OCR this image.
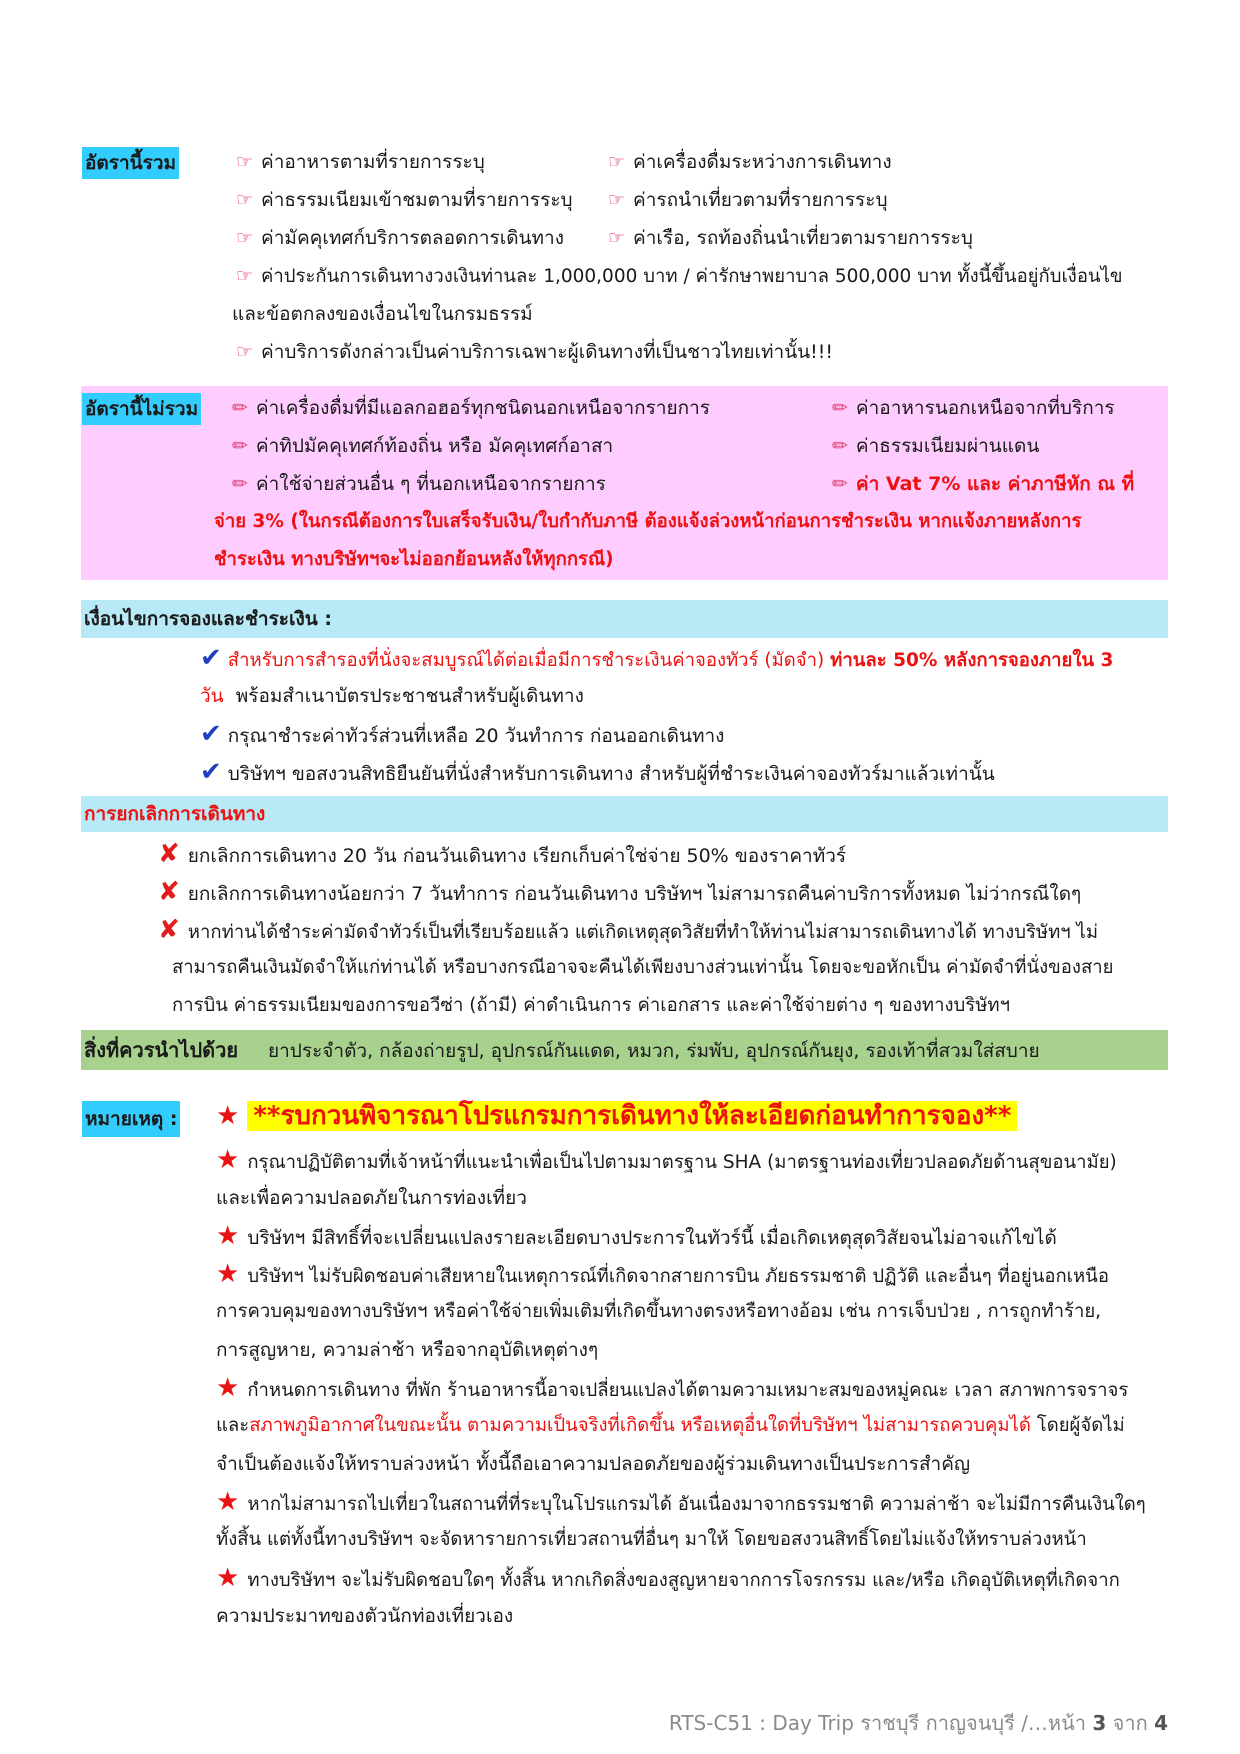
อัตรานี้รวม	☞ ค่าอาหารตามที่รายการระบุ
☞ ค่าธรรมเนียมเข้าชมตามที่รายการระบุ
☞ ค่ามัคคุเทศก์บริการตลอดการเดินทาง
☞ ค่าเครื่องดื่มระหว่างการเดินทาง
☞ ค่ารถนำเที่ยวตามที่รายการระบุ
☞ ค่าเรือ, รถท้องถิ่นนำเที่ยวตามรายการระบุ
☞ ค่าประกันการเดินทางวงเงินท่านละ 1,000,000 บาท / ค่ารักษาพยาบาล 500,000 บาท ทั้งนี้ขึ้นอยู่กับเงื่อนไข
และข้อตกลงของเงื่อนไขในกรมธรรม์
☞ ค่าบริการดังกล่าวเป็นค่าบริการเฉพาะผู้เดินทางที่เป็นชาวไทยเท่านั้น!!!
อัตรานี้ไม่รวม ✏ ค่าเครื่องดื่มที่มีแอลกอฮอร์ทุกชนิดนอกเหนือจากรายการ
✏ ค่าทิปมัคคุเทศก์ท้องถิ่น หรือ มัคคุเทศก์อาสา
✏ ค่าใช้จ่ายส่วนอื่น ๆ ที่นอกเหนือจากรายการ
✏ ค่าอาหารนอกเหนือจากที่บริการ
✏ ค่าธรรมเนียมผ่านแดน
✏ ค่า Vat 7% และ ค่าภาษีหัก ณ ที่
จ่าย 3% (ในกรณีต้องการใบเสร็จรับเงิน/ใบกำกับภาษี ต้องแจ้งล่วงหน้าก่อนการชำระเงิน หากแจ้งภายหลังการ
ชำระเงิน ทางบริษัทฯจะไม่ออกย้อนหลังให้ทุกกรณี)
เงื่อนไขการจองและชำระเงิน :
✔ สำหรับการสำรองที่นั่งจะสมบูรณ์ได้ต่อเมื่อมีการชำระเงินค่าจองทัวร์ (มัดจำ) ท่านละ 50% หลังการจองภายใน 3
วัน พร้อมสำเนาบัตรประชาชนสำหรับผู้เดินทาง
✔ กรุณาชำระค่าทัวร์ส่วนที่เหลือ 20 วันทำการ ก่อนออกเดินทาง
✔ บริษัทฯ ขอสงวนสิทธิยืนยันที่นั่งสำหรับการเดินทาง สำหรับผู้ที่ชำระเงินค่าจองทัวร์มาแล้วเท่านั้น
การยกเลิกการเดินทาง
✘ ยกเลิกการเดินทาง 20 วัน ก่อนวันเดินทาง เรียกเก็บค่าใช่จ่าย 50% ของราคาทัวร์
✘ ยกเลิกการเดินทางน้อยกว่า 7 วันทำการ ก่อนวันเดินทาง บริษัทฯ ไม่สามารถคืนค่าบริการทั้งหมด ไม่ว่ากรณีใดๆ
✘ หากท่านได้ชำระค่ามัดจำทัวร์เป็นที่เรียบร้อยแล้ว แต่เกิดเหตุสุดวิสัยที่ทำให้ท่านไม่สามารถเดินทางได้ ทางบริษัทฯ ไม่
สามารถคืนเงินมัดจำให้แก่ท่านได้ หรือบางกรณีอาจจะคืนได้เพียงบางส่วนเท่านั้น โดยจะขอหักเป็น ค่ามัดจำที่นั่งของสาย
การบิน ค่าธรรมเนียมของการขอวีซ่า (ถ้ามี) ค่าดำเนินการ ค่าเอกสาร และค่าใช้จ่ายต่าง ๆ ของทางบริษัทฯ
สิ่งที่ควรนำไปด้วย ยาประจำตัว, กล้องถ่ายรูป, อุปกรณ์กันแดด, หมวก, ร่มพับ, อุปกรณ์กันยุง, รองเท้าที่สวมใส่สบาย
หมายเหตุ : ★ **รบกวนพิจารณาโปรแกรมการเดินทางให้ละเอียดก่อนทำการจอง**
★ กรุณาปฏิบัติตามที่เจ้าหน้าที่แนะนำเพื่อเป็นไปตามมาตรฐาน SHA (มาตรฐานท่องเที่ยวปลอดภัยด้านสุขอนามัย)
และเพื่อความปลอดภัยในการท่องเที่ยว
★ บริษัทฯ มีสิทธิ์ที่จะเปลี่ยนแปลงรายละเอียดบางประการในทัวร์นี้ เมื่อเกิดเหตุสุดวิสัยจนไม่อาจแก้ไขได้
★ บริษัทฯ ไม่รับผิดชอบค่าเสียหายในเหตุการณ์ที่เกิดจากสายการบิน ภัยธรรมชาติ ปฏิวัติ และอื่นๆ ที่อยู่นอกเหนือ
การควบคุมของทางบริษัทฯ หรือค่าใช้จ่ายเพิ่มเติมที่เกิดขึ้นทางตรงหรือทางอ้อม เช่น การเจ็บป่วย , การถูกทำร้าย,
การสูญหาย, ความล่าช้า หรือจากอุบัติเหตุต่างๆ
★ กำหนดการเดินทาง ที่พัก ร้านอาหารนี้อาจเปลี่ยนแปลงได้ตามความเหมาะสมของหมู่คณะ เวลา สภาพการจราจร
และสภาพภูมิอากาศในขณะนั้น ตามความเป็นจริงที่เกิดขึ้น หรือเหตุอื่นใดที่บริษัทฯ ไม่สามารถควบคุมได้ โดยผู้จัดไม่
จำเป็นต้องแจ้งให้ทราบล่วงหน้า ทั้งนี้ถือเอาความปลอดภัยของผู้ร่วมเดินทางเป็นประการสำคัญ
★ หากไม่สามารถไปเที่ยวในสถานที่ที่ระบุในโปรแกรมได้ อันเนื่องมาจากธรรมชาติ ความล่าช้า จะไม่มีการคืนเงินใดๆ
ทั้งสิ้น แต่ทั้งนี้ทางบริษัทฯ จะจัดหารายการเที่ยวสถานที่อื่นๆ มาให้ โดยขอสงวนสิทธิ์โดยไม่แจ้งให้ทราบล่วงหน้า
★ ทางบริษัทฯ จะไม่รับผิดชอบใดๆ ทั้งสิ้น หากเกิดสิ่งของสูญหายจากการโจรกรรม และ/หรือ เกิดอุบัติเหตุที่เกิดจาก
ความประมาทของตัวนักท่องเที่ยวเอง
RTS-C51 : Day Trip ราชบุรี กาญจนบุรี /…หน้า 3 จาก 4
